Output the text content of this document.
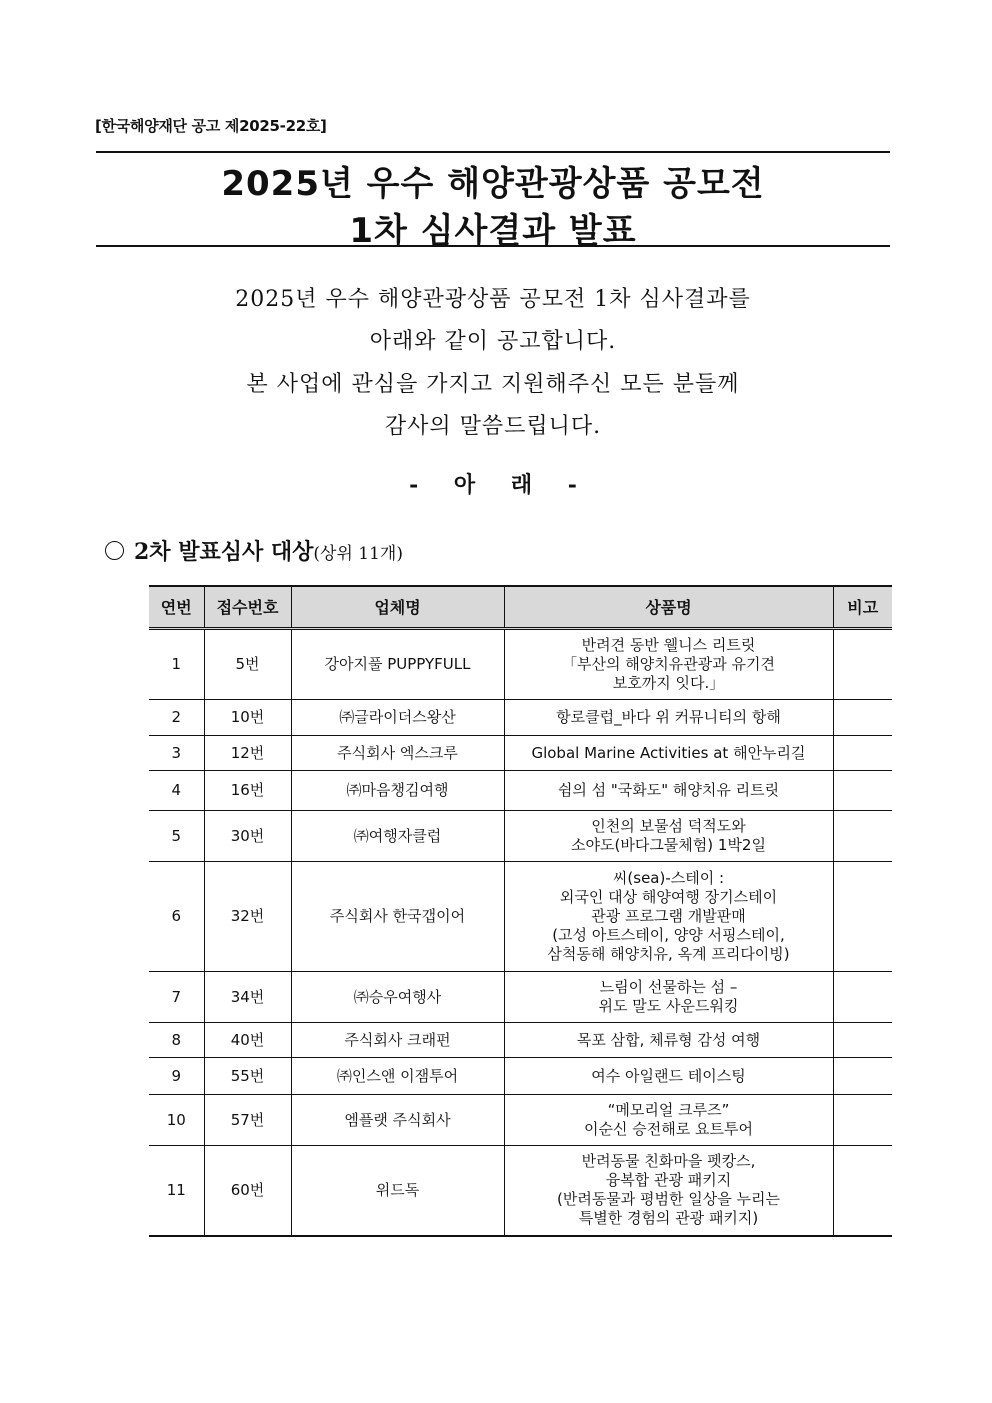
[한국해양재단 공고 제2025-22호]
2025년 우수 해양관광상품 공모전
1차 심사결과 발표
2025년 우수 해양관광상품 공모전 1차 심사결과를
아래와 같이 공고합니다.
본 사업에 관심을 가지고 지원해주신 모든 분들께
감사의 말씀드립니다.
- 아 래 -
2차 발표심사 대상(상위 11개)
연번	접수번호	업체명	상품명	비고
1	5번	강아지풀 PUPPYFULL	반려견 동반 웰니스 리트릿
「부산의 해양치유관광과 유기견
보호까지 잇다.」	

2	10번	㈜글라이더스왕산	항로클럽_바다 위 커뮤니티의 항해	

3	12번	주식회사 엑스크루	Global Marine Activities at 해안누리길	

4	16번	㈜마음챙김여행	쉼의 섬 "국화도" 해양치유 리트릿	

5	30번	㈜여행자클럽	인천의 보물섬 덕적도와
소야도(바다그물체험) 1박2일	

6	32번	주식회사 한국갭이어	씨(sea)-스테이 :
외국인 대상 해양여행 장기스테이
관광 프로그램 개발판매
(고성 아트스테이, 양양 서핑스테이,
삼척동해 해양치유, 옥계 프리다이빙)	

7	34번	㈜승우여행사	느림이 선물하는 섬 –
위도 말도 사운드워킹	

8	40번	주식회사 크래펀	목포 삼합, 체류형 감성 여행	

9	55번	㈜인스앤 이잼투어	여수 아일랜드 테이스팅	

10	57번	엠플랫 주식회사	“메모리얼 크루즈”
이순신 승전해로 요트투어	

11	60번	위드독	반려동물 친화마을 펫캉스,
융복합 관광 패키지
(반려동물과 평범한 일상을 누리는
특별한 경험의 관광 패키지)	
